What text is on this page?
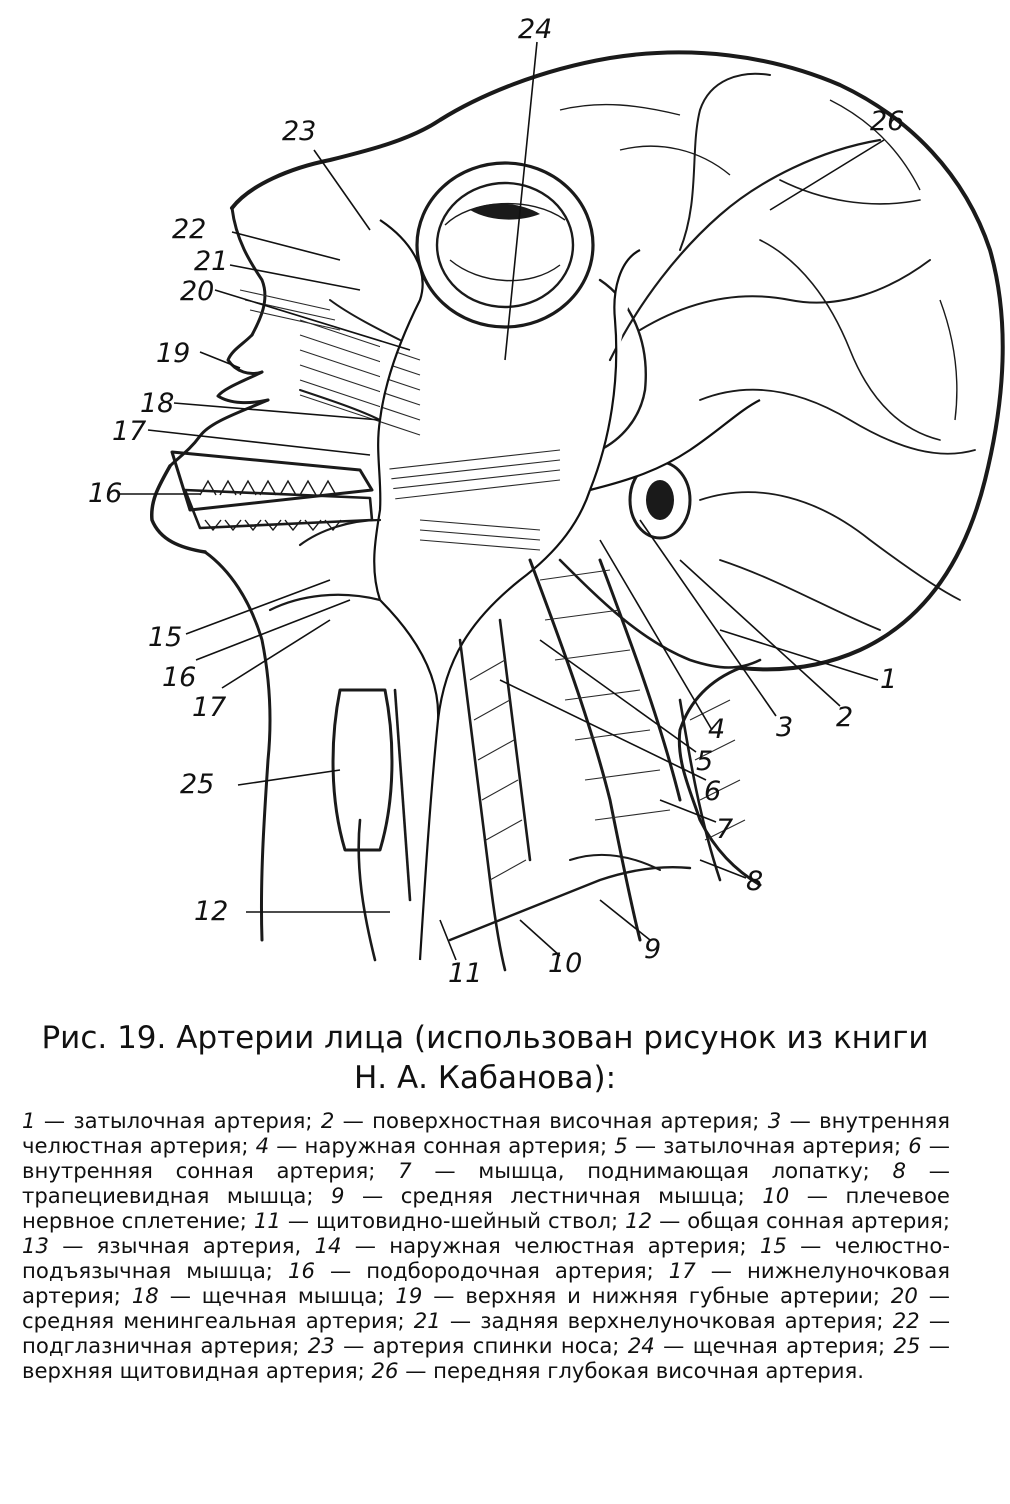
1
2
3
4
5
6
7
8
9
10
11
12
15
16
16
17
17
25
18
19
20
21
22
23
24
26

Рис. 19. Артерии лица (использован рисунок из книги Н. А. Кабанова):

1 — затылочная артерия; 2 — поверхностная височная артерия; 3 — внутренняя челюстная артерия; 4 — наружная сонная артерия; 5 — затылочная артерия; 6 — внутренняя сонная артерия; 7 — мышца, поднимающая лопатку; 8 — трапециевидная мышца; 9 — средняя лестничная мышца; 10 — плечевое нервное сплетение; 11 — щитовидно-шейный ствол; 12 — общая сонная артерия; 13 — язычная артерия, 14 — наружная челюстная артерия; 15 — челюстно-подъязычная мышца; 16 — подбородочная артерия; 17 — нижнелуночковая артерия; 18 — щечная мышца; 19 — верхняя и нижняя губные артерии; 20 — средняя менингеальная артерия; 21 — задняя верхнелуночковая артерия; 22 — подглазничная артерия; 23 — артерия спинки носа; 24 — щечная артерия; 25 — верхняя щитовидная артерия; 26 — передняя глубокая височная артерия.
